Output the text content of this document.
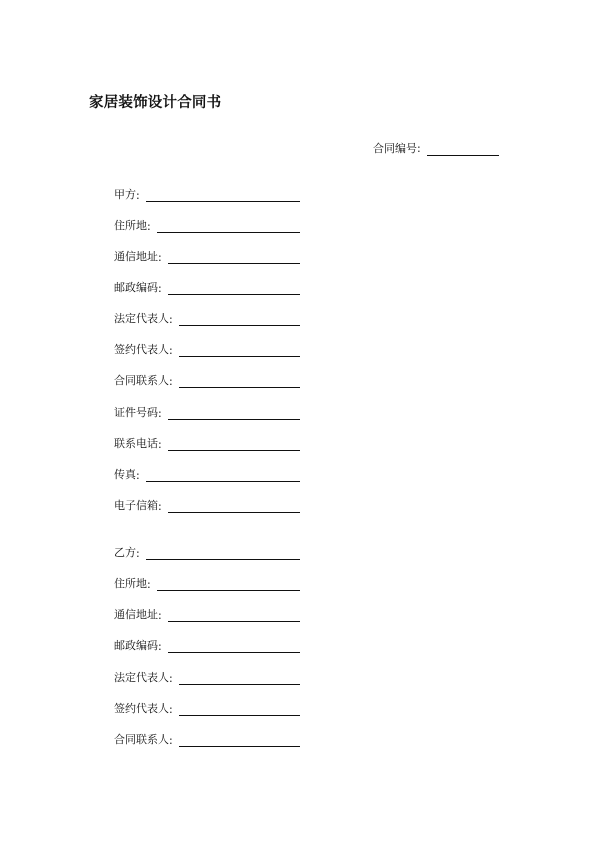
家居装饰设计合同书
合同编号:
甲方 :
住所地 :
通信地址 :
邮政编码 :
法定代表人 :
签约代表人 :
合同联系人 :
证件号码 :
联系电话 :
传真 :
电子信箱 :
乙方 :
住所地 :
通信地址 :
邮政编码 :
法定代表人 :
签约代表人 :
合同联系人 :
